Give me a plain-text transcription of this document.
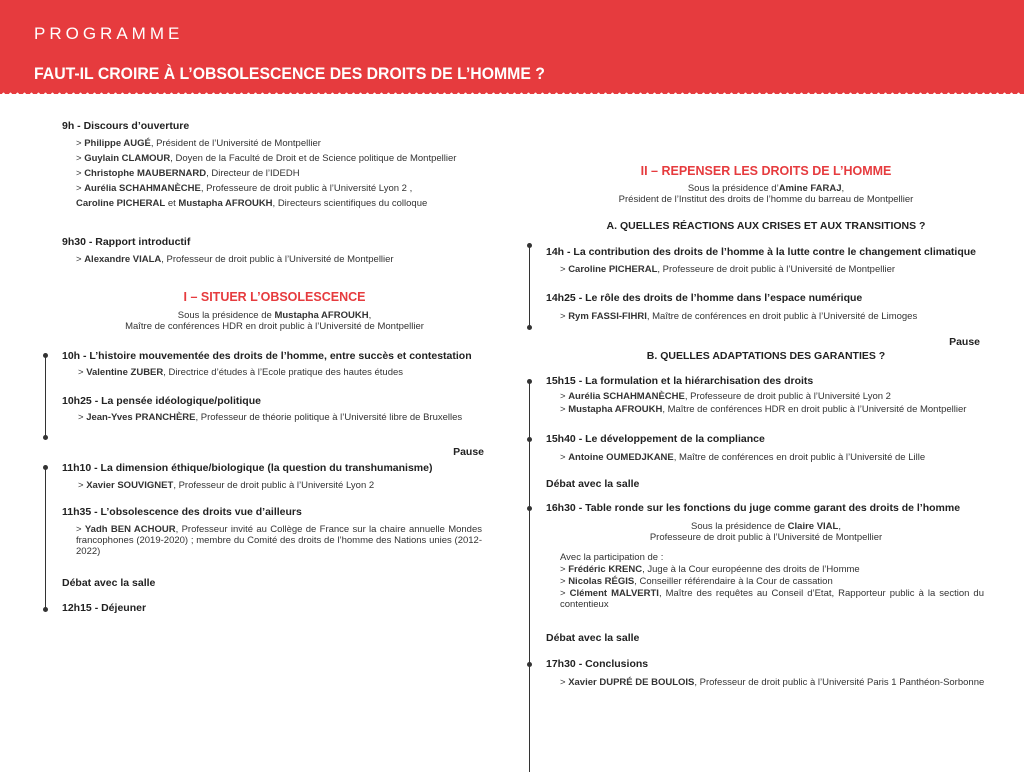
PROGRAMME
FAUT-IL CROIRE À L’OBSOLESCENCE DES DROITS DE L’HOMME ?
9h - Discours d’ouverture
> Philippe AUGÉ, Président de l’Université de Montpellier
> Guylain CLAMOUR, Doyen de la Faculté de Droit et de Science politique de Montpellier
> Christophe MAUBERNARD, Directeur de l’IDEDH
> Aurélia SCHAHMANÈCHE, Professeure de droit public à l’Université Lyon 2 ,
Caroline PICHERAL et Mustapha AFROUKH, Directeurs scientifiques du colloque
9h30 - Rapport introductif
> Alexandre VIALA, Professeur de droit public à l’Université de Montpellier
I – SITUER L’OBSOLESCENCE
Sous la présidence de Mustapha AFROUKH,
Maître de conférences HDR en droit public à l’Université de Montpellier
10h - L’histoire mouvementée des droits de l’homme, entre succès et contestation
> Valentine ZUBER, Directrice d’études à l’Ecole pratique des hautes études
10h25 - La pensée idéologique/politique
> Jean-Yves PRANCHÈRE, Professeur de théorie politique à l’Université libre de Bruxelles
Pause
11h10 - La dimension éthique/biologique (la question du transhumanisme)
> Xavier SOUVIGNET, Professeur de droit public à l’Université Lyon 2
11h35 - L’obsolescence des droits vue d’ailleurs
> Yadh BEN ACHOUR, Professeur invité au Collège de France sur la chaire annuelle Mondes francophones (2019-2020) ; membre du Comité des droits de l’homme des Nations unies (2012-2022)
Débat avec la salle
12h15 - Déjeuner
II – REPENSER LES DROITS DE L’HOMME
Sous la présidence d’Amine FARAJ,
Président de l’Institut des droits de l’homme du barreau de Montpellier
A. QUELLES RÉACTIONS AUX CRISES ET AUX TRANSITIONS ?
14h - La contribution des droits de l’homme à la lutte contre le changement climatique
> Caroline PICHERAL, Professeure de droit public à l’Université de Montpellier
14h25 - Le rôle des droits de l’homme dans l’espace numérique
> Rym FASSI-FIHRI, Maître de conférences en droit public à l’Université de Limoges
Pause
B. QUELLES ADAPTATIONS DES GARANTIES ?
15h15 - La formulation et la hiérarchisation des droits
> Aurélia SCHAHMANÈCHE, Professeure de droit public à l’Université Lyon 2
> Mustapha AFROUKH, Maître de conférences HDR en droit public à l’Université de Montpellier
15h40 - Le développement de la compliance
> Antoine OUMEDJKANE, Maître de conférences en droit public à l’Université de Lille
Débat avec la salle
16h30 - Table ronde sur les fonctions du juge comme garant des droits de l’homme
Sous la présidence de Claire VIAL,
Professeure de droit public à l’Université de Montpellier
Avec la participation de :
> Frédéric KRENC, Juge à la Cour européenne des droits de l’Homme
> Nicolas RÉGIS, Conseiller référendaire à la Cour de cassation
> Clément MALVERTI, Maître des requêtes au Conseil d’Etat, Rapporteur public à la section du contentieux
Débat avec la salle
17h30 - Conclusions
> Xavier DUPRÉ DE BOULOIS, Professeur de droit public à l’Université Paris 1 Panthéon-Sorbonne
